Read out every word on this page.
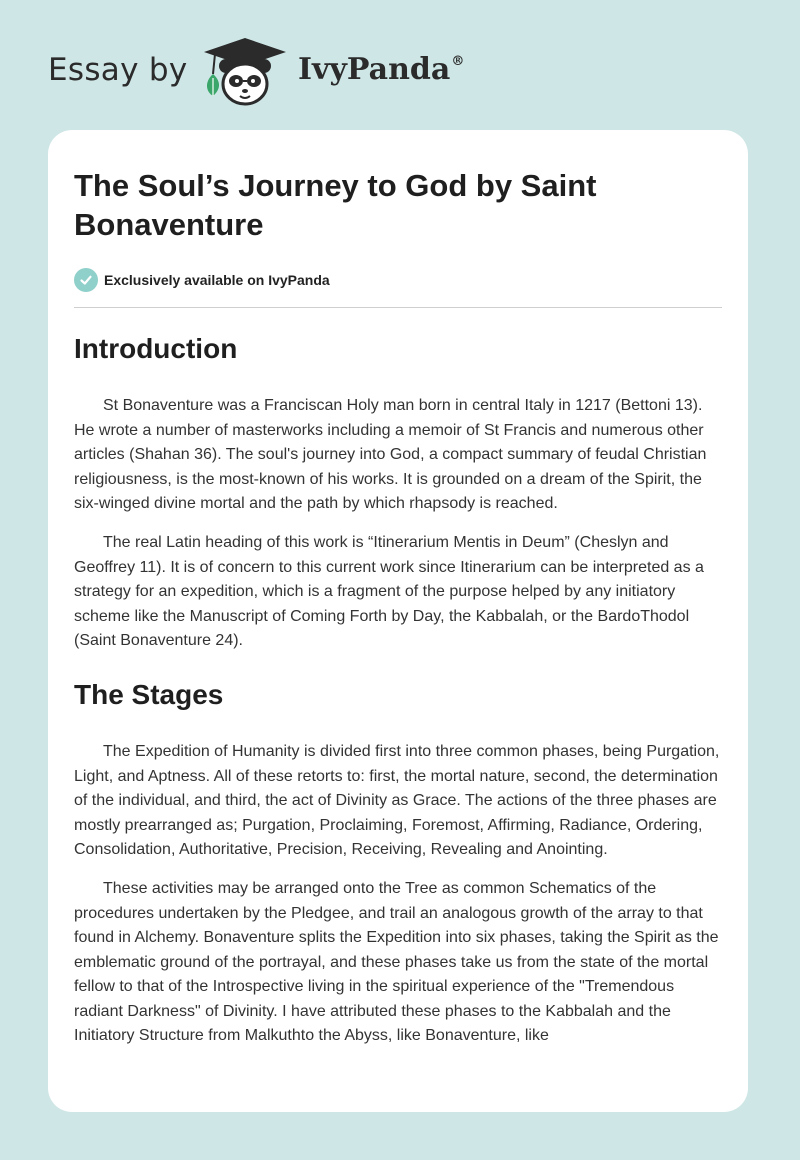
Essay by	IvyPanda®
The Soul’s Journey to God by Saint Bonaventure
Exclusively available on IvyPanda
Introduction

St Bonaventure was a Franciscan Holy man born in central Italy in 1217 (Bettoni 13). He wrote a number of masterworks including a memoir of St Francis and numerous other articles (Shahan 36). The soul's journey into God, a compact summary of feudal Christian religiousness, is the most-known of his works. It is grounded on a dream of the Spirit, the six-winged divine mortal and the path by which rhapsody is reached.

The real Latin heading of this work is “Itinerarium Mentis in Deum” (Cheslyn and Geoffrey 11). It is of concern to this current work since Itinerarium can be interpreted as a strategy for an expedition, which is a fragment of the purpose helped by any initiatory scheme like the Manuscript of Coming Forth by Day, the Kabbalah, or the BardoThodol (Saint Bonaventure 24).

The Stages

The Expedition of Humanity is divided first into three common phases, being Purgation, Light, and Aptness. All of these retorts to: first, the mortal nature, second, the determination of the individual, and third, the act of Divinity as Grace. The actions of the three phases are mostly prearranged as; Purgation, Proclaiming, Foremost, Affirming, Radiance, Ordering, Consolidation, Authoritative, Precision, Receiving, Revealing and Anointing.

These activities may be arranged onto the Tree as common Schematics of the procedures undertaken by the Pledgee, and trail an analogous growth of the array to that found in Alchemy. Bonaventure splits the Expedition into six phases, taking the Spirit as the emblematic ground of the portrayal, and these phases take us from the state of the mortal fellow to that of the Introspective living in the spiritual experience of the "Tremendous radiant Darkness" of Divinity. I have attributed these phases to the Kabbalah and the Initiatory Structure from Malkuthto the Abyss, like Bonaventure, like
